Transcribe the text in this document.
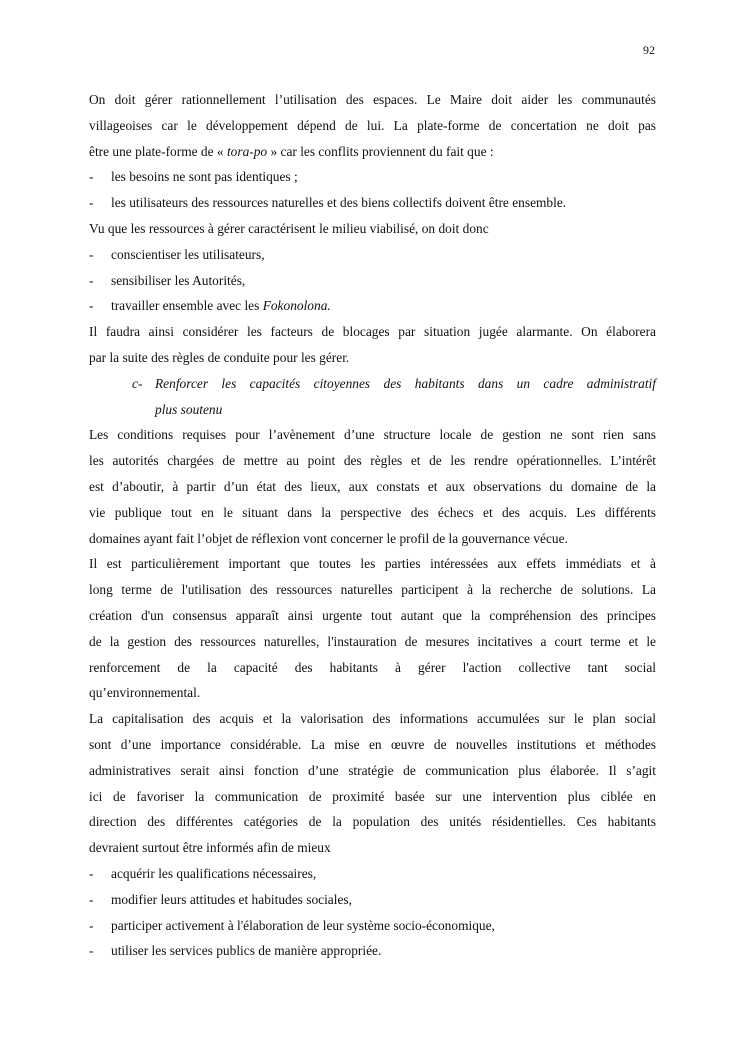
92
On doit gérer rationnellement l’utilisation des espaces. Le Maire doit aider les communautés
villageoises car le développement dépend de lui. La plate-forme de concertation ne doit pas
être une plate-forme de « tora-po » car les conflits proviennent du fait que :
- les besoins ne sont pas identiques ;
- les utilisateurs des ressources naturelles et des biens collectifs doivent être ensemble.
Vu que les ressources à gérer caractérisent le milieu viabilisé, on doit donc
- conscientiser les utilisateurs,
- sensibiliser les Autorités,
- travailler ensemble avec les Fokonolona.
Il faudra ainsi considérer les facteurs de blocages par situation jugée alarmante. On élaborera
par la suite des règles de conduite pour les gérer.
c- Renforcer les capacités citoyennes des habitants dans un cadre administratif
plus soutenu
Les conditions requises pour l’avènement d’une structure locale de gestion ne sont rien sans
les autorités chargées de mettre au point des règles et de les rendre opérationnelles. L’intérêt
est d’aboutir, à partir d’un état des lieux, aux constats et aux observations du domaine de la
vie publique tout en le situant dans la perspective des échecs et des acquis. Les différents
domaines ayant fait l’objet de réflexion vont concerner le profil de la gouvernance vécue.
Il est particulièrement important que toutes les parties intéressées aux effets immédiats et à
long terme de l'utilisation des ressources naturelles participent à la recherche de solutions. La
création d'un consensus apparaît ainsi urgente tout autant que la compréhension des principes
de la gestion des ressources naturelles, l'instauration de mesures incitatives a court terme et le
renforcement de la capacité des habitants à gérer l'action collective tant social
qu’environnemental.
La capitalisation des acquis et la valorisation des informations accumulées sur le plan social
sont d’une importance considérable. La mise en œuvre de nouvelles institutions et méthodes
administratives serait ainsi fonction d’une stratégie de communication plus élaborée. Il s’agit
ici de favoriser la communication de proximité basée sur une intervention plus ciblée en
direction des différentes catégories de la population des unités résidentielles. Ces habitants
devraient surtout être informés afin de mieux
- acquérir les qualifications nécessaires,
- modifier leurs attitudes et habitudes sociales,
- participer activement à l'élaboration de leur système socio-économique,
- utiliser les services publics de manière appropriée.
